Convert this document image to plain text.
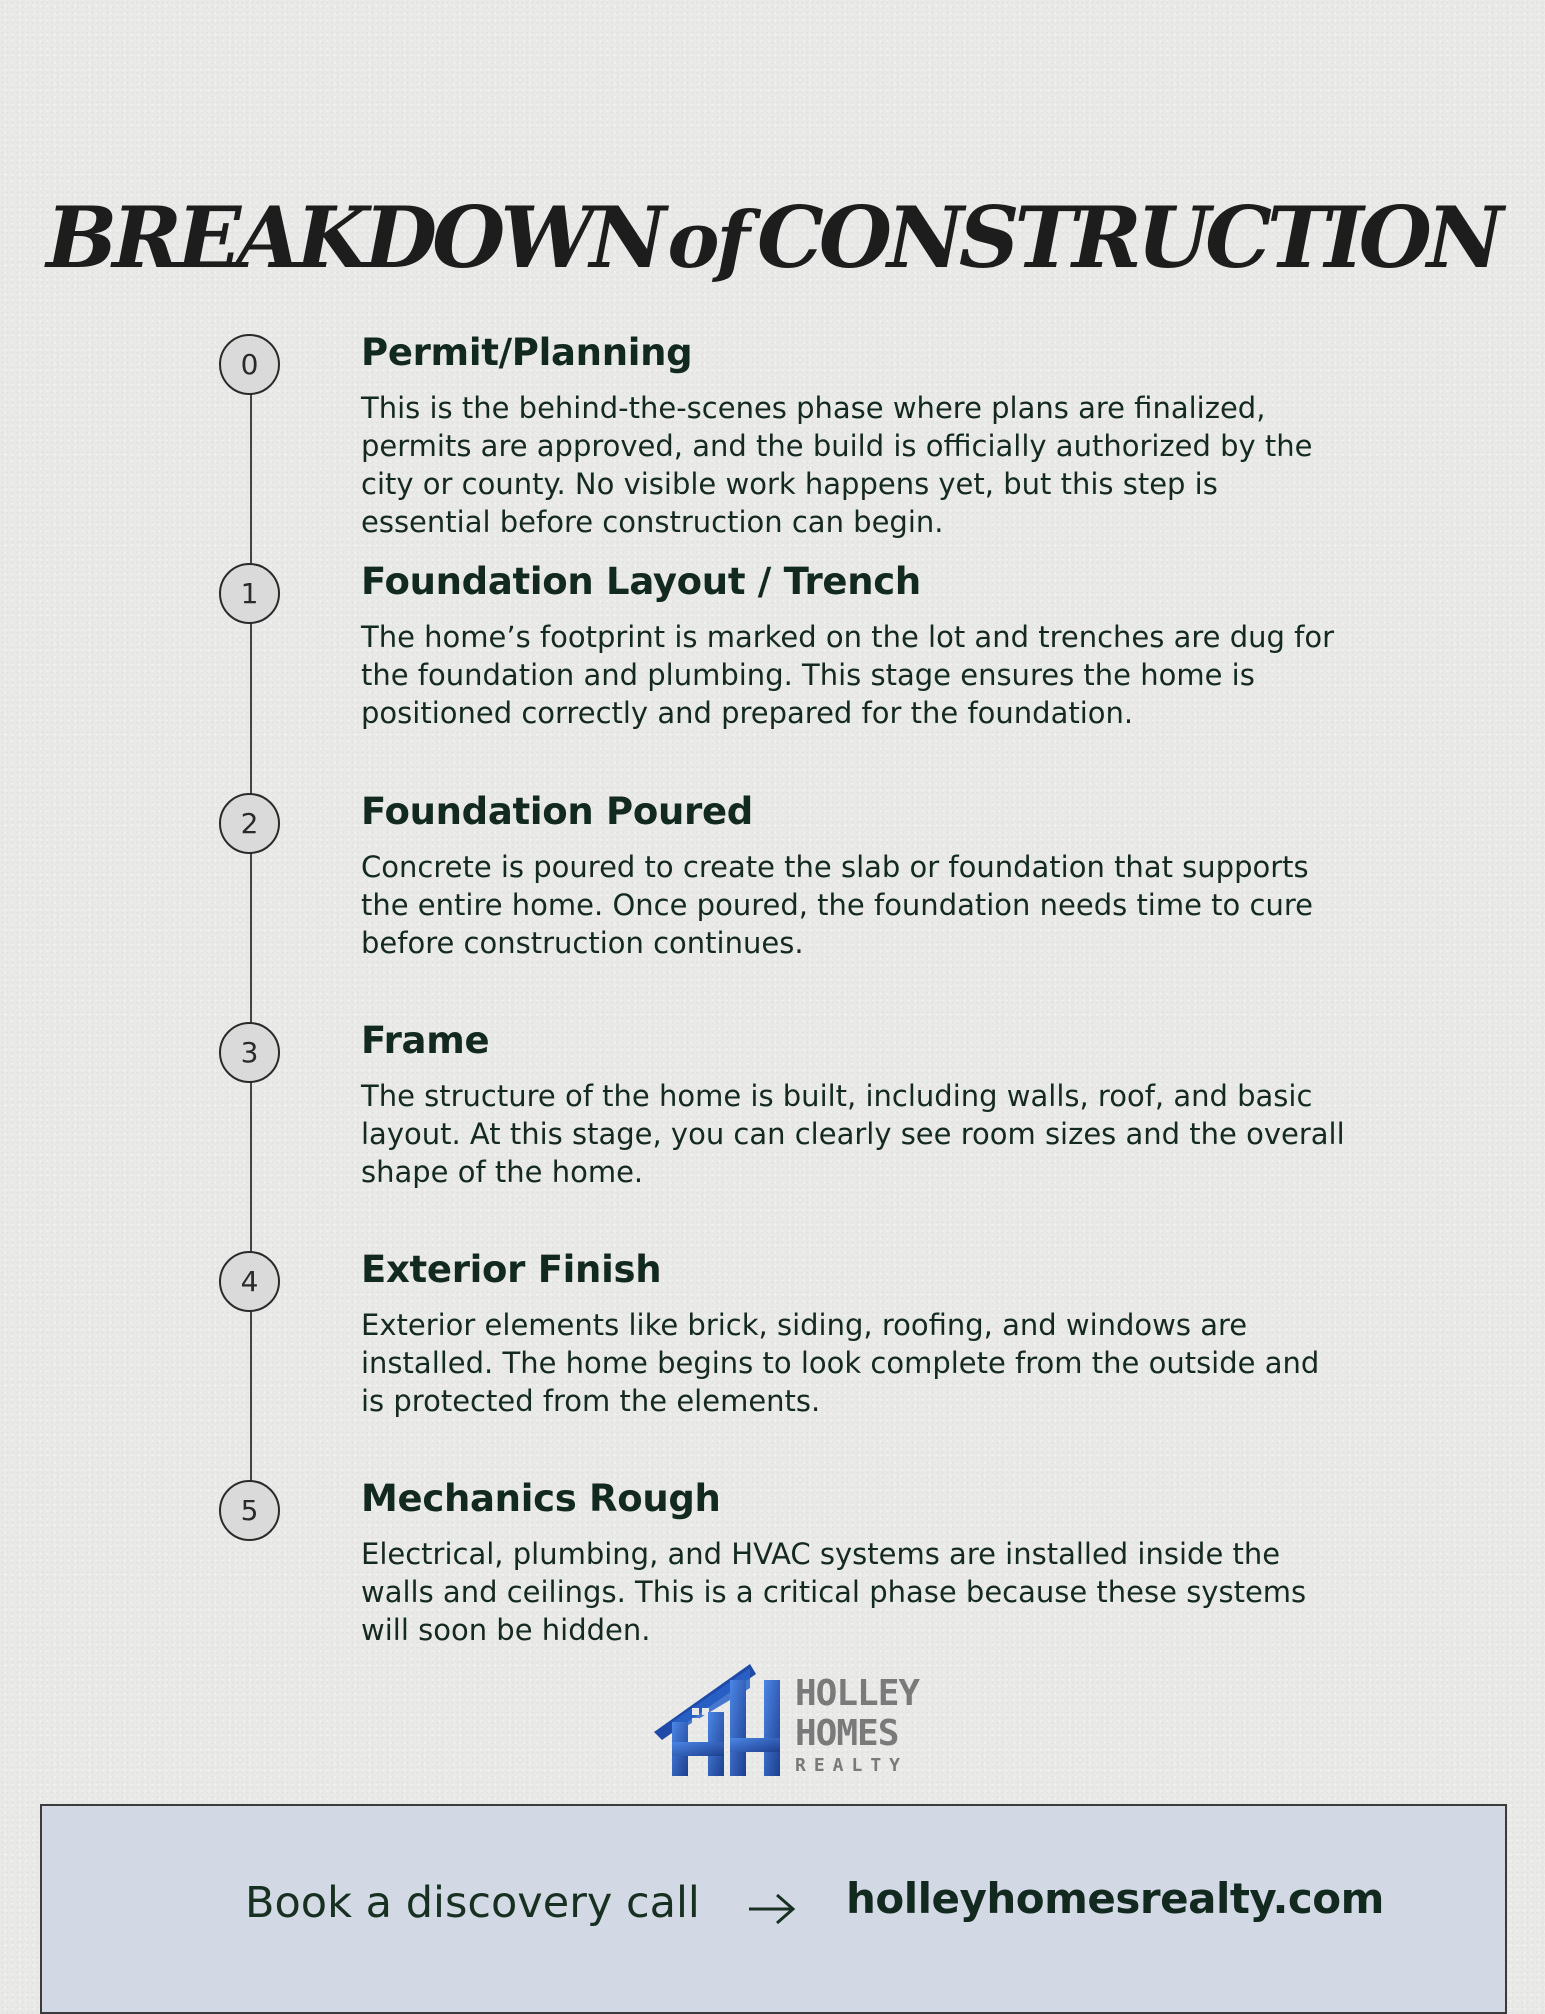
BREAKDOWNof CONSTRUCTION
0	Permit/Planning

This is the behind-the-scenes phase where plans are finalized, permits are approved, and the build is officially authorized by the city or county. No visible work happens yet, but this step is essential before construction can begin.

1	Foundation Layout / Trench

The home’s footprint is marked on the lot and trenches are dug for the foundation and plumbing. This stage ensures the home is positioned correctly and prepared for the foundation.

2	Foundation Poured

Concrete is poured to create the slab or foundation that supports the entire home. Once poured, the foundation needs time to cure before construction continues.

3	Frame

The structure of the home is built, including walls, roof, and basic layout. At this stage, you can clearly see room sizes and the overall shape of the home.

4	Exterior Finish

Exterior elements like brick, siding, roofing, and windows are installed. The home begins to look complete from the outside and is protected from the elements.

5	Mechanics Rough

Electrical, plumbing, and HVAC systems are installed inside the walls and ceilings. This is a critical phase because these systems will soon be hidden.

HOLLEY
HOMES
REALTY
Book a discovery call	holleyhomesrealty.com
